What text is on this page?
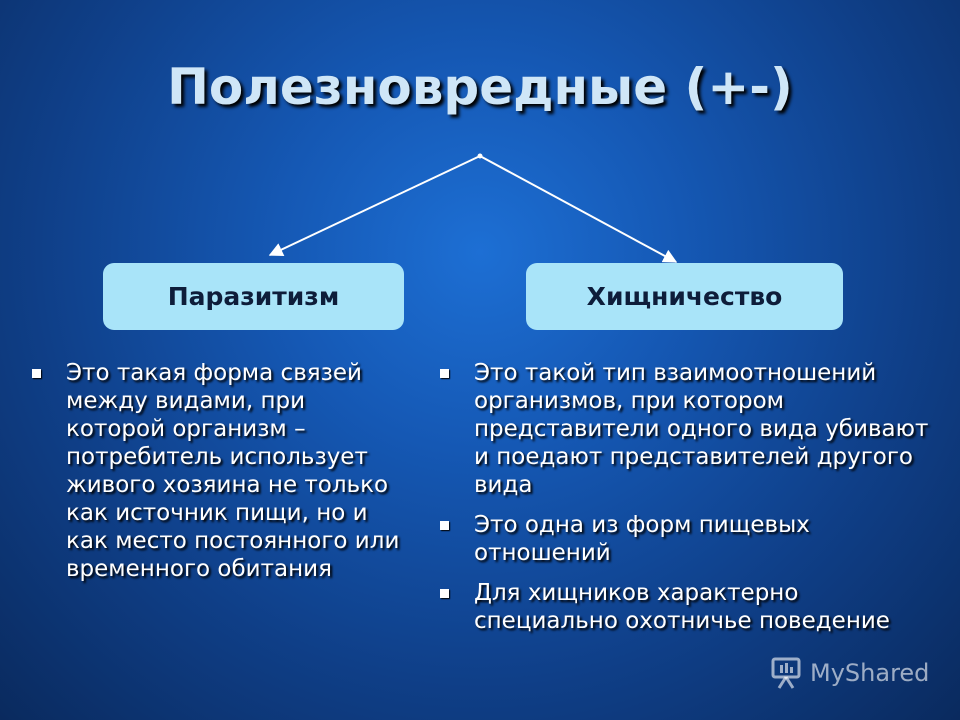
Полезновредные (+-)
Паразитизм	Хищничество
Это такая форма связей между видами, при которой организм – потребитель использует живого хозяина не только как источник пищи, но и как место постоянного или временного обитания
Это такой тип взаимоотношений организмов, при котором представители одного вида убивают и поедают представителей другого вида
Это одна из форм пищевых отношений
Для хищников характерно специально охотничье поведение
MyShared
